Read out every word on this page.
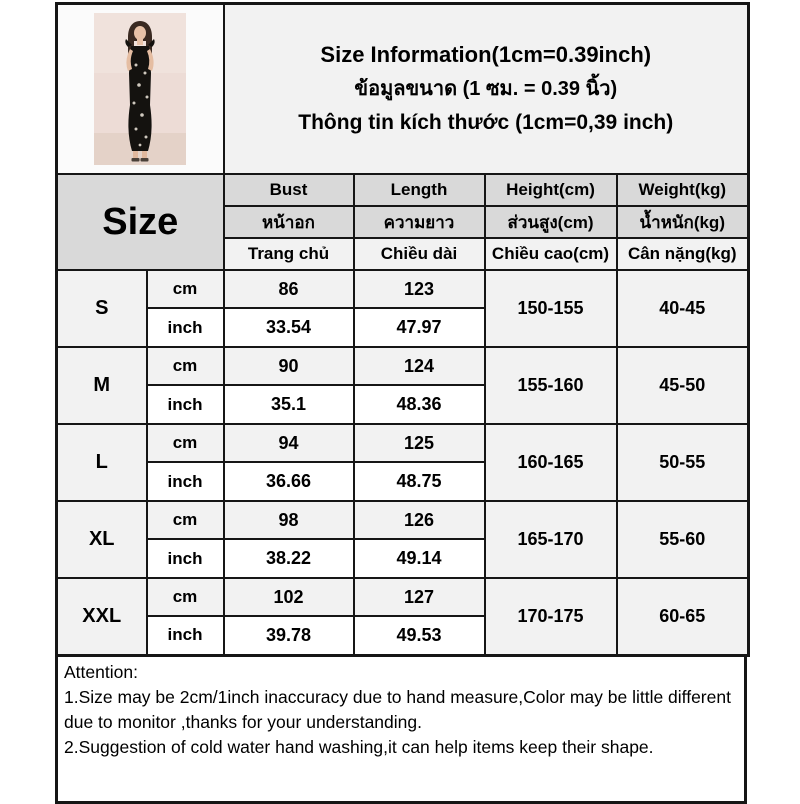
Size Information(1cm=0.39inch)
ข้อมูลขนาด (1 ซม. = 0.39 นิ้ว)
Thông tin kích thước (1cm=0,39 inch)			

Size		Bust	Length	Height(cm)	Weight(kg)
		หน้าอก	ความยาว	ส่วนสูง(cm)	น้ำหนัก(kg)
		Trang chủ	Chiều dài	Chiều cao(cm)	Cân nặng(kg)
S	cm	86	123	150-155	40-45
	inch	33.54	47.97		
M	cm	90	124	155-160	45-50
	inch	35.1	48.36		
L	cm	94	125	160-165	50-55
	inch	36.66	48.75		
XL	cm	98	126	165-170	55-60
	inch	38.22	49.14		
XXL	cm	102	127	170-175	60-65
	inch	39.78	49.53		
Attention:
1.Size may be 2cm/1inch inaccuracy due to hand measure,Color may be little different due to monitor ,thanks for your understanding.
2.Suggestion of cold water hand washing,it can help items keep their shape.
